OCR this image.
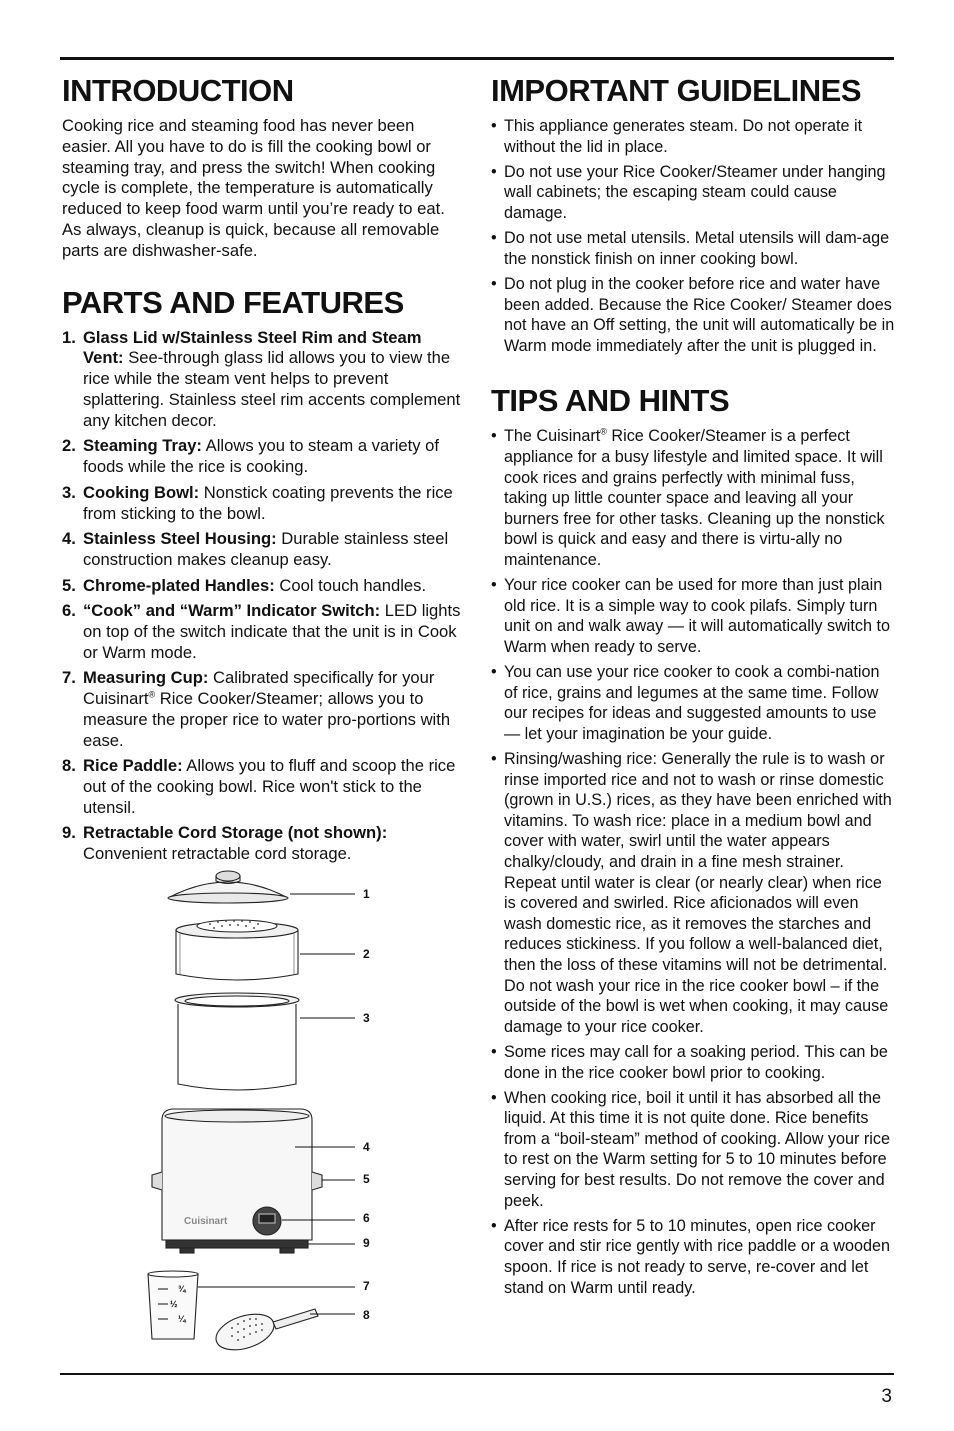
INTRODUCTION

Cooking rice and steaming food has never been easier. All you have to do is fill the cooking bowl or steaming tray, and press the switch! When cooking cycle is complete, the temperature is automatically reduced to keep food warm until you’re ready to eat. As always, cleanup is quick, because all removable parts are dishwasher-safe.

PARTS AND FEATURES
1. Glass Lid w/Stainless Steel Rim and Steam Vent: See-through glass lid allows you to view the rice while the steam vent helps to prevent splattering. Stainless steel rim accents complement any kitchen decor.
2. Steaming Tray: Allows you to steam a variety of foods while the rice is cooking.
3. Cooking Bowl: Nonstick coating prevents the rice from sticking to the bowl.
4. Stainless Steel Housing: Durable stainless steel construction makes cleanup easy.
5. Chrome-plated Handles: Cool touch handles.
6. “Cook” and “Warm” Indicator Switch: LED lights on top of the switch indicate that the unit is in Cook or Warm mode.
7. Measuring Cup: Calibrated specifically for your Cuisinart® Rice Cooker/Steamer; allows you to measure the proper rice to water pro-portions with ease.
8. Rice Paddle: Allows you to fluff and scoop the rice out of the cooking bowl. Rice won't stick to the utensil.
9. Retractable Cord Storage (not shown): Convenient retractable cord storage.
Cuisinart
¾
½
¼
1
2
3
4
5
6
9
7
8
IMPORTANT GUIDELINES
• This appliance generates steam. Do not operate it without the lid in place.
• Do not use your Rice Cooker/Steamer under hanging wall cabinets; the escaping steam could cause damage.
• Do not use metal utensils. Metal utensils will dam-age the nonstick finish on inner cooking bowl.
• Do not plug in the cooker before rice and water have been added. Because the Rice Cooker/ Steamer does not have an Off setting, the unit will automatically be in Warm mode immediately after the unit is plugged in.
TIPS AND HINTS
• The Cuisinart® Rice Cooker/Steamer is a perfect appliance for a busy lifestyle and limited space. It will cook rices and grains perfectly with minimal fuss, taking up little counter space and leaving all your burners free for other tasks. Cleaning up the nonstick bowl is quick and easy and there is virtu-ally no maintenance.
• Your rice cooker can be used for more than just plain old rice. It is a simple way to cook pilafs. Simply turn unit on and walk away — it will automatically switch to Warm when ready to serve.
• You can use your rice cooker to cook a combi-nation of rice, grains and legumes at the same time. Follow our recipes for ideas and suggested amounts to use — let your imagination be your guide.
• Rinsing/washing rice: Generally the rule is to wash or rinse imported rice and not to wash or rinse domestic (grown in U.S.) rices, as they have been enriched with vitamins. To wash rice: place in a medium bowl and cover with water, swirl until the water appears chalky/cloudy, and drain in a fine mesh strainer. Repeat until water is clear (or nearly clear) when rice is covered and swirled. Rice aficionados will even wash domestic rice, as it removes the starches and reduces stickiness. If you follow a well-balanced diet, then the loss of these vitamins will not be detrimental. Do not wash your rice in the rice cooker bowl – if the outside of the bowl is wet when cooking, it may cause damage to your rice cooker.
• Some rices may call for a soaking period. This can be done in the rice cooker bowl prior to cooking.
• When cooking rice, boil it until it has absorbed all the liquid. At this time it is not quite done. Rice benefits from a “boil-steam” method of cooking. Allow your rice to rest on the Warm setting for 5 to 10 minutes before serving for best results. Do not remove the cover and peek.
• After rice rests for 5 to 10 minutes, open rice cooker cover and stir rice gently with rice paddle or a wooden spoon. If rice is not ready to serve, re-cover and let stand on Warm until ready.
3
